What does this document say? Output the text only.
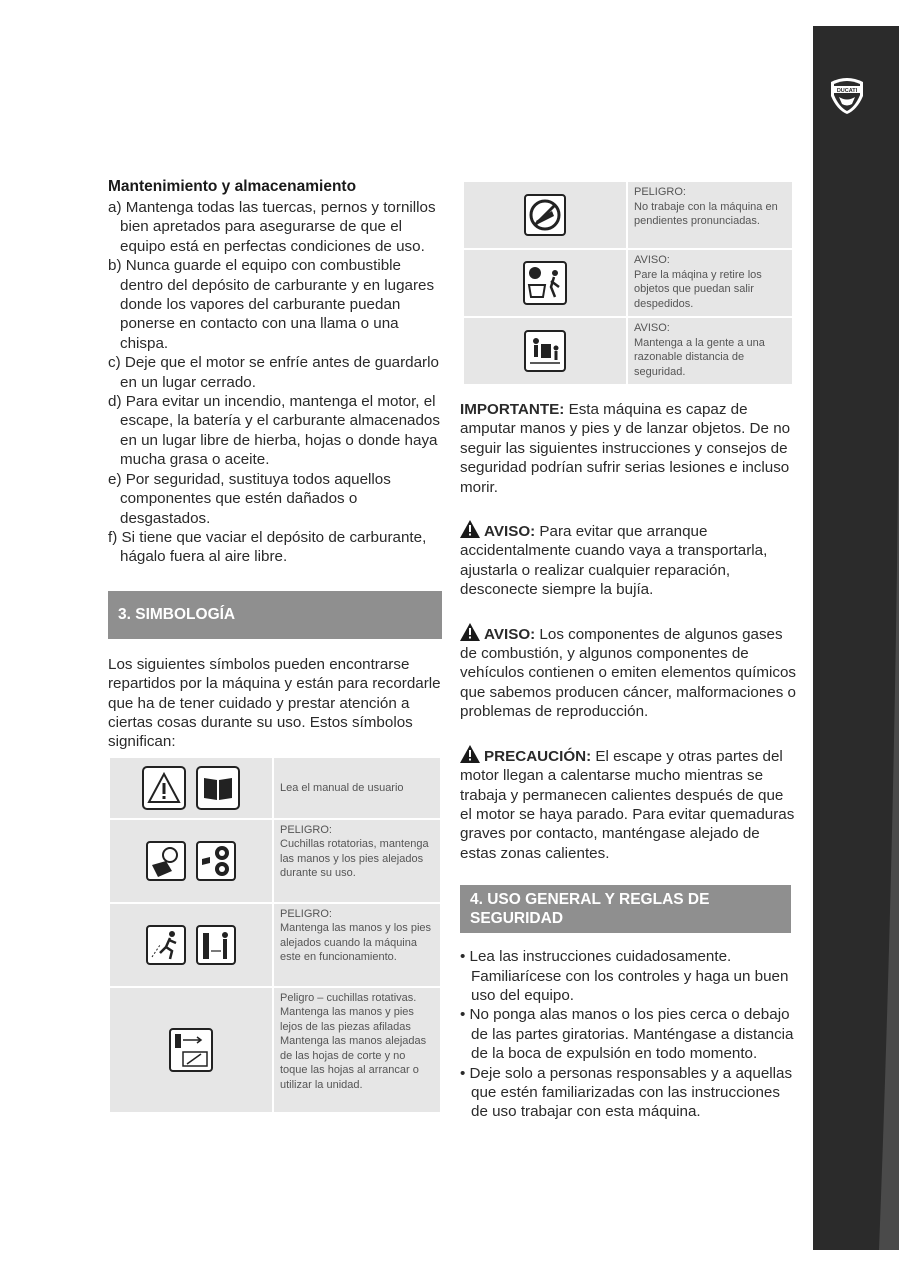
DUCATI
Mantenimiento y almacenamiento
a) Mantenga todas las tuercas, pernos y tornillos bien apretados para asegurarse de que el equipo está en perfectas condiciones de uso.
b) Nunca guarde el equipo con combustible dentro del depósito de carburante y en lugares donde los vapores del carburante puedan ponerse en contacto con una llama o una chispa.
c) Deje que el motor se enfríe antes de guardarlo en un lugar cerrado.
d) Para evitar un incendio, mantenga el motor, el escape, la batería y el carburante almacenados en un lugar libre de hierba, hojas o donde haya mucha grasa o aceite.
e) Por seguridad, sustituya todos aquellos componentes que estén dañados o desgastados.
f) Si tiene que vaciar el depósito de carburante, hágalo fuera al aire libre.
3. SIMBOLOGÍA

Los siguientes símbolos pueden encontrarse repartidos por la máquina y están para recordarle que ha de tener cuidado y prestar atención a ciertas cosas durante su uso. Estos símbolos significan:

	Lea el manual de usuario
	PELIGRO:
Cuchillas rotatorias, mantenga las manos y los pies alejados durante su uso.
	PELIGRO:
Mantenga las manos y los pies alejados cuando la máquina este en funcionamiento.
	Peligro – cuchillas rotativas. Mantenga las manos y pies lejos de las piezas afiladas Mantenga las manos alejadas de las hojas de corte y no toque las hojas al arrancar o utilizar la unidad.
	PELIGRO:
No trabaje con la máquina en pendientes pronunciadas.
	AVISO:
Pare la máqina y retire los objetos que puedan salir despedidos.
	AVISO:
Mantenga a la gente a una razonable distancia de seguridad.

IMPORTANTE: Esta máquina es capaz de amputar manos y pies y de lanzar objetos. De no seguir las siguientes instrucciones y consejos de seguridad podrían sufrir serias lesiones e incluso morir.

AVISO: Para evitar que arranque accidentalmente cuando vaya a transportarla, ajustarla o realizar cualquier reparación, desconecte siempre la bujía.

AVISO: Los componentes de algunos gases de combustión, y algunos componentes de vehículos contienen o emiten elementos químicos que sabemos producen cáncer, malformaciones o problemas de reproducción.

PRECAUCIÓN: El escape y otras partes del motor llegan a calentarse mucho mientras se trabaja y permanecen calientes después de que el motor se haya parado. Para evitar quemaduras graves por contacto, manténgase alejado de estas zonas calientes.

4. USO GENERAL Y REGLAS DE SEGURIDAD
• Lea las instrucciones cuidadosamente. Familiarícese con los controles y haga un buen uso del equipo.
• No ponga alas manos o los pies cerca o debajo de las partes giratorias. Manténgase a distancia de la boca de expulsión en todo momento.
• Deje solo a personas responsables y a aquellas que estén familiarizadas con las instrucciones de uso trabajar con esta máquina.
